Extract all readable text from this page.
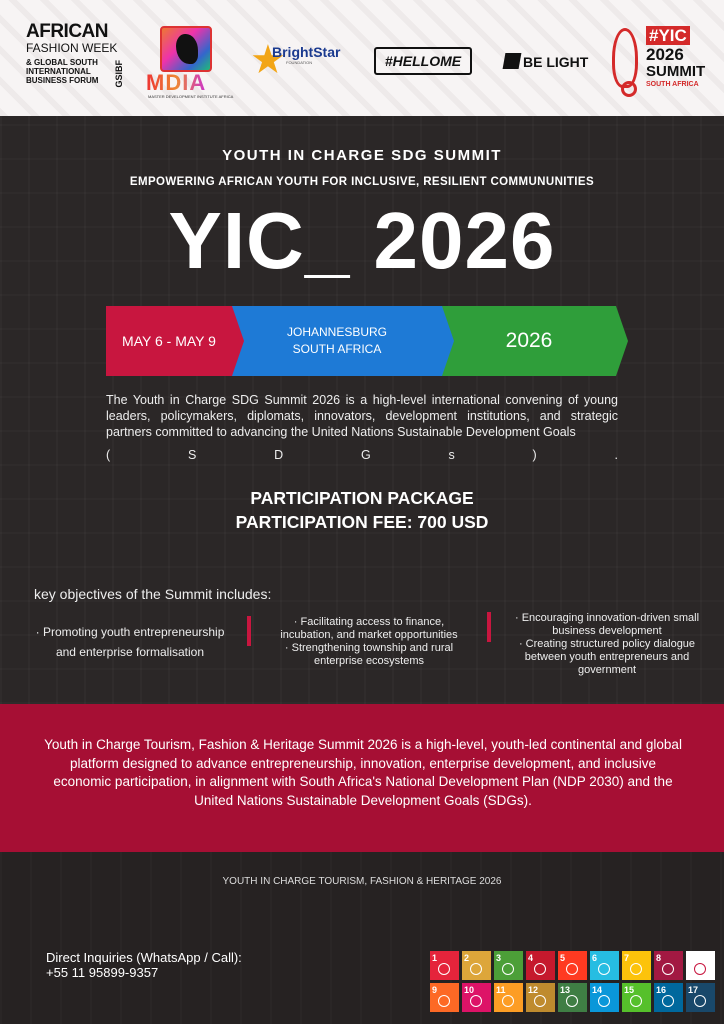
AFRICAN
FASHION WEEK
& GLOBAL SOUTH INTERNATIONAL BUSINESS FORUM	GSIBF MDIA
MASTER DEVELOPMENT INSTITUTE AFRICA
★
BrightStar
FOUNDATION	#HELLOME	BE LIGHT
#YIC
2026
SUMMIT
SOUTH AFRICA
YOUTH IN CHARGE SDG SUMMIT
EMPOWERING AFRICAN YOUTH FOR INCLUSIVE, RESILIENT COMMUNUNITIES
YIC_ 2026
MAY 6 - MAY 9
JOHANNESBURG
SOUTH AFRICA	2026
The Youth in Charge SDG Summit 2026 is a high-level international convening of young leaders, policymakers, diplomats, innovators, development institutions, and strategic partners committed to advancing the United Nations Sustainable Development Goals
(	S	D	G	s	)	.
PARTICIPATION PACKAGE
PARTICIPATION FEE: 700 USD
key objectives of the Summit includes:
· Promoting youth entrepreneurship
and enterprise formalisation
· Facilitating access to finance,
incubation, and market opportunities
· Strengthening township and rural
enterprise ecosystems
· Encouraging innovation-driven small
business development
· Creating structured policy dialogue
between youth entrepreneurs and
government
Youth in Charge Tourism, Fashion & Heritage Summit 2026 is a high-level, youth-led continental and global platform designed to advance entrepreneurship, innovation, enterprise development, and inclusive economic participation, in alignment with South Africa's National Development Plan (NDP 2030) and the United Nations Sustainable Development Goals (SDGs).
YOUTH IN CHARGE TOURISM, FASHION & HERITAGE 2026
Direct Inquiries (WhatsApp / Call):
+55 11 95899-9357
1	2	3	4	5	6	7	8
9	10	11	12	13	14	15	16	17
